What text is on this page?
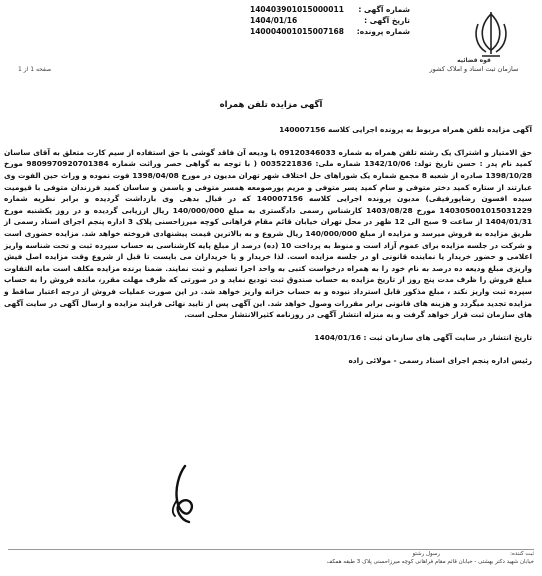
شماره آگهی :
140403901015000011
تاریخ آگهی :
1404/01/16
شماره پرونده:
140004001015007168
قوه قضائیه
سازمان ثبت اسناد و املاک کشور
صفحه 1 از 1
آگهی مزایده تلفن همراه

آگهی مزایده تلفن همراه مربوط به پرونده اجرایی کلاسه 140007156

حق الامتیاز و اشتراک یک رشته تلفن همراه به شماره 09120346033 با ودیعه آن فاقد گوشی با حق استفاده از سیم کارت متعلق به آقای ساسان کمید نام پدر : حسن تاریخ تولد: 1342/10/06 شماره ملی: 0035221836 ( با توجه به گواهی حصر وراثت شماره 9809970920701384 مورخ 1398/10/28 صادره از شعبه 8 مجمع شماره یک شوراهای حل اختلاف شهر تهران مدیون در مورخ 1398/04/08 فوت نموده و وراث حین الفوت وی عبارتند از ستاره کمید دختر متوفی و سام کمید پسر متوفی و مریم پورصومعه همسر متوفی و یاسمن و ساسان کمید فرزندان متوفی با قیومیت سیده افسون رضاپورفیقی) مدیون پرونده اجرایی کلاسه 140007156 که در قبال بدهی وی بازداشت گردیده و برابر نظریه شماره 140305001015031229 مورخ 1403/08/28 کارشناس رسمی دادگستری به مبلغ 140/000/000 ریال ارزیابی گردیده و در روز یکشنبه مورخ 1404/01/31 از ساعت 9 صبح الی 12 ظهر در محل تهران خیابان قائم مقام فراهانی کوچه میرزاحسنی پلاک 3 اداره پنجم اجرای اسناد رسمی از طریق مزایده به فروش میرسد و مزایده از مبلغ 140/000/000 ریال شروع و به بالاترین قیمت پیشنهادی فروخته خواهد شد. مزایده حضوری است و شرکت در جلسه مزایده برای عموم آزاد است و منوط به پرداخت 10 (ده) درصد از مبلغ پایه کارشناسی به حساب سپرده ثبت و تحت شناسه واریز اعلامی و حضور خریدار یا نماینده قانونی او در جلسه مزایده است. لذا خریدار و یا خریداران می بایست تا قبل از شروع وقت مزایده اصل فیش واریزی مبلغ ودیعه ده درصد به نام خود را به همراه درخواست کتبی به واحد اجرا تسلیم و ثبت نمایند. ضمنا برنده مزایده مکلف است مابه التفاوت مبلغ فروش را ظرف مدت پنج روز از تاریخ مزایده به حساب صندوق ثبت تودیع نماید و در صورتی که ظرف مهلت مقرر، مانده فروش را به حساب سپرده ثبت واریز نکند ، مبلغ مذکور قابل استرداد نبوده و به حساب خزانه واریز خواهد شد. در این صورت عملیات فروش از درجه اعتبار ساقط و مزایده تجدید میگردد و هزینه های قانونی برابر مقررات وصول خواهد شد. این آگهی پس از تایید نهائی فرایند مزایده و ارسال آگهی در سایت آگهی های سازمان ثبت قرار خواهد گرفت و به منزله انتشار آگهی در روزنامه کثیرالانتشار محلی است.

تاریخ انتشار در سایت آگهی های سازمان ثبت : 1404/01/16

رئیس اداره پنجم اجرای اسناد رسمی - مولائی زاده

ثبت کننده:
رسول رشتو
خیابان شهید دکتر بهشتی - خیابان قائم مقام فراهانی کوچه میرزاحسنی پلاک 3 طبقه همکف
